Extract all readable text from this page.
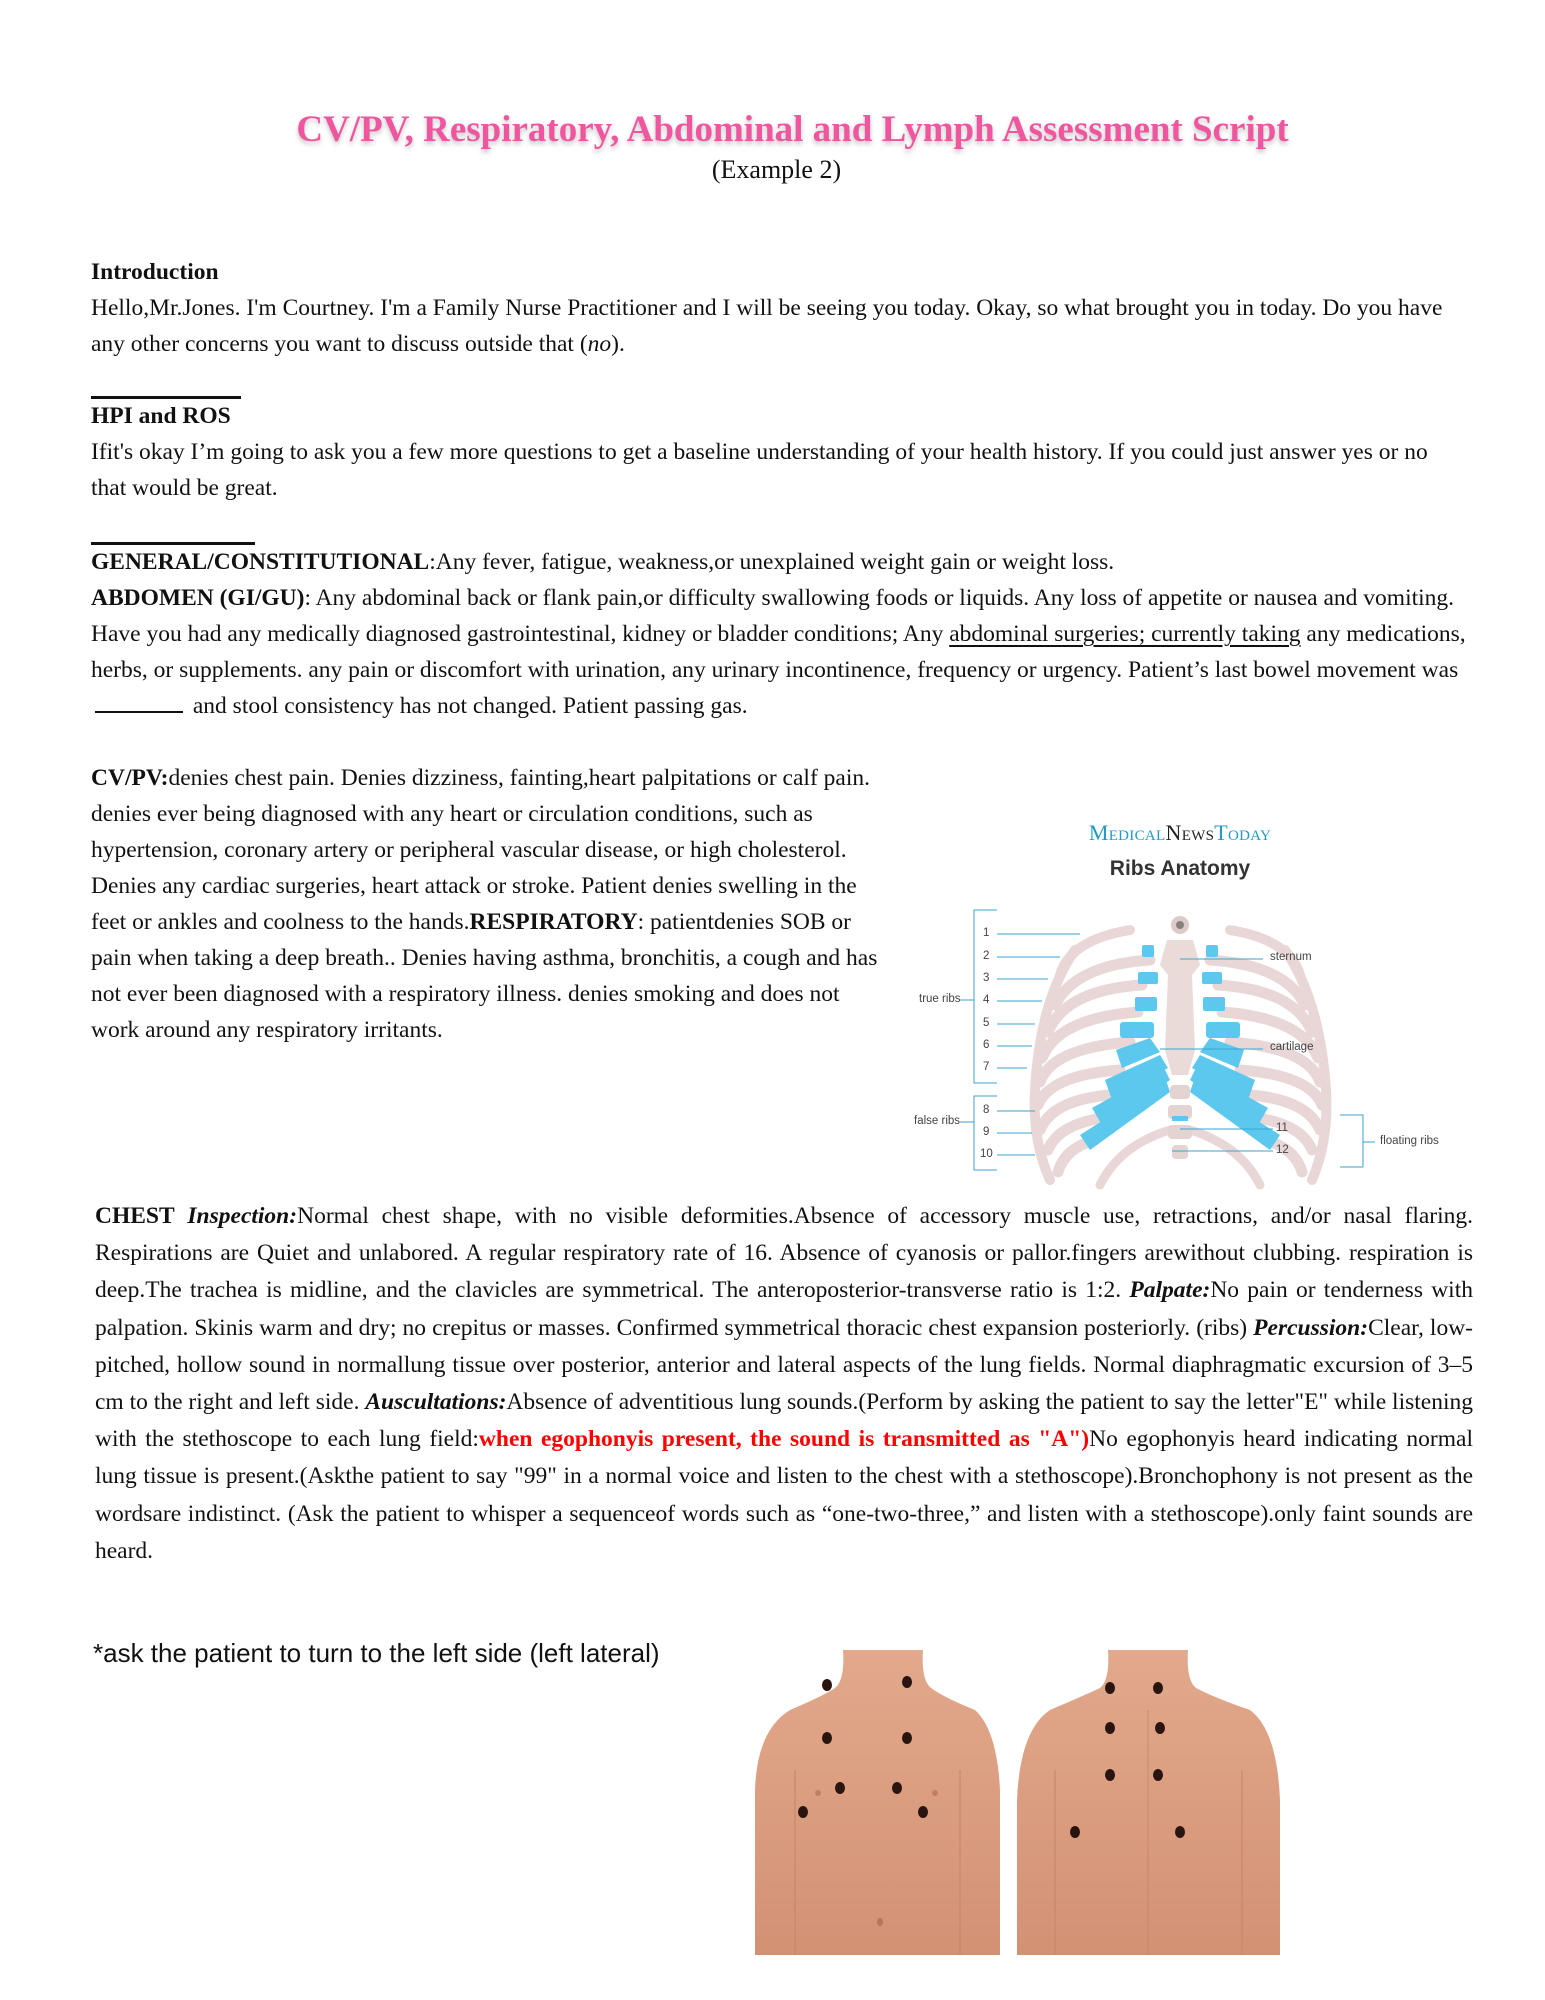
CV/PV, Respiratory, Abdominal and Lymph Assessment Script
(Example 2)
Introduction
Hello,Mr.Jones. I'm Courtney. I'm a Family Nurse Practitioner and I will be seeing you today. Okay, so what brought you in today. Do you have any other concerns you want to discuss outside that (no).
HPI and ROS
Ifit's okay I’m going to ask you a few more questions to get a baseline understanding of your health history. If you could just answer yes or no that would be great.
GENERAL/CONSTITUTIONAL:Any fever, fatigue, weakness,or unexplained weight gain or weight loss.
ABDOMEN (GI/GU): Any abdominal back or flank pain,or difficulty swallowing foods or liquids. Any loss of appetite or nausea and vomiting. Have you had any medically diagnosed gastrointestinal, kidney or bladder conditions; Any abdominal surgeries; currently taking any medications, herbs, or supplements. any pain or discomfort with urination, any urinary incontinence, frequency or urgency. Patient’s last bowel movement was  and stool consistency has not changed. Patient passing gas.
CV/PV:denies chest pain. Denies dizziness, fainting,heart palpitations or calf pain. denies ever being diagnosed with any heart or circulation conditions, such as hypertension, coronary artery or peripheral vascular disease, or high cholesterol. Denies any cardiac surgeries, heart attack or stroke. Patient denies swelling in the feet or ankles and coolness to the hands.RESPIRATORY: patientdenies SOB or pain when taking a deep breath.. Denies having asthma, bronchitis, a cough and has not ever been diagnosed with a respiratory illness. denies smoking and does not work around any respiratory irritants.
MEDICALNEWSTODAY
Ribs Anatomy
true ribs
false ribs
floating ribs
sternum
cartilage
1
2
3
4
5
6
7
8
9
10
11
12
CHEST Inspection:Normal chest shape, with no visible deformities.Absence of accessory muscle use, retractions, and/or nasal flaring. Respirations are Quiet and unlabored. A regular respiratory rate of 16. Absence of cyanosis or pallor.fingers arewithout clubbing. respiration is deep.The trachea is midline, and the clavicles are symmetrical. The anteroposterior-transverse ratio is 1:2. Palpate:No pain or tenderness with palpation. Skinis warm and dry; no crepitus or masses. Confirmed symmetrical thoracic chest expansion posteriorly. (ribs) Percussion:Clear, low-pitched, hollow sound in normallung tissue over posterior, anterior and lateral aspects of the lung fields. Normal diaphragmatic excursion of 3–5 cm to the right and left side. Auscultations:Absence of adventitious lung sounds.(Perform by asking the patient to say the letter"E" while listening with the stethoscope to each lung field:when egophonyis present, the sound is transmitted as "A")No egophonyis heard indicating normal lung tissue is present.(Askthe patient to say "99" in a normal voice and listen to the chest with a stethoscope).Bronchophony is not present as the wordsare indistinct. (Ask the patient to whisper a sequenceof words such as “one-two-three,” and listen with a stethoscope).only faint sounds are heard.
*ask the patient to turn to the left side (left lateral)
